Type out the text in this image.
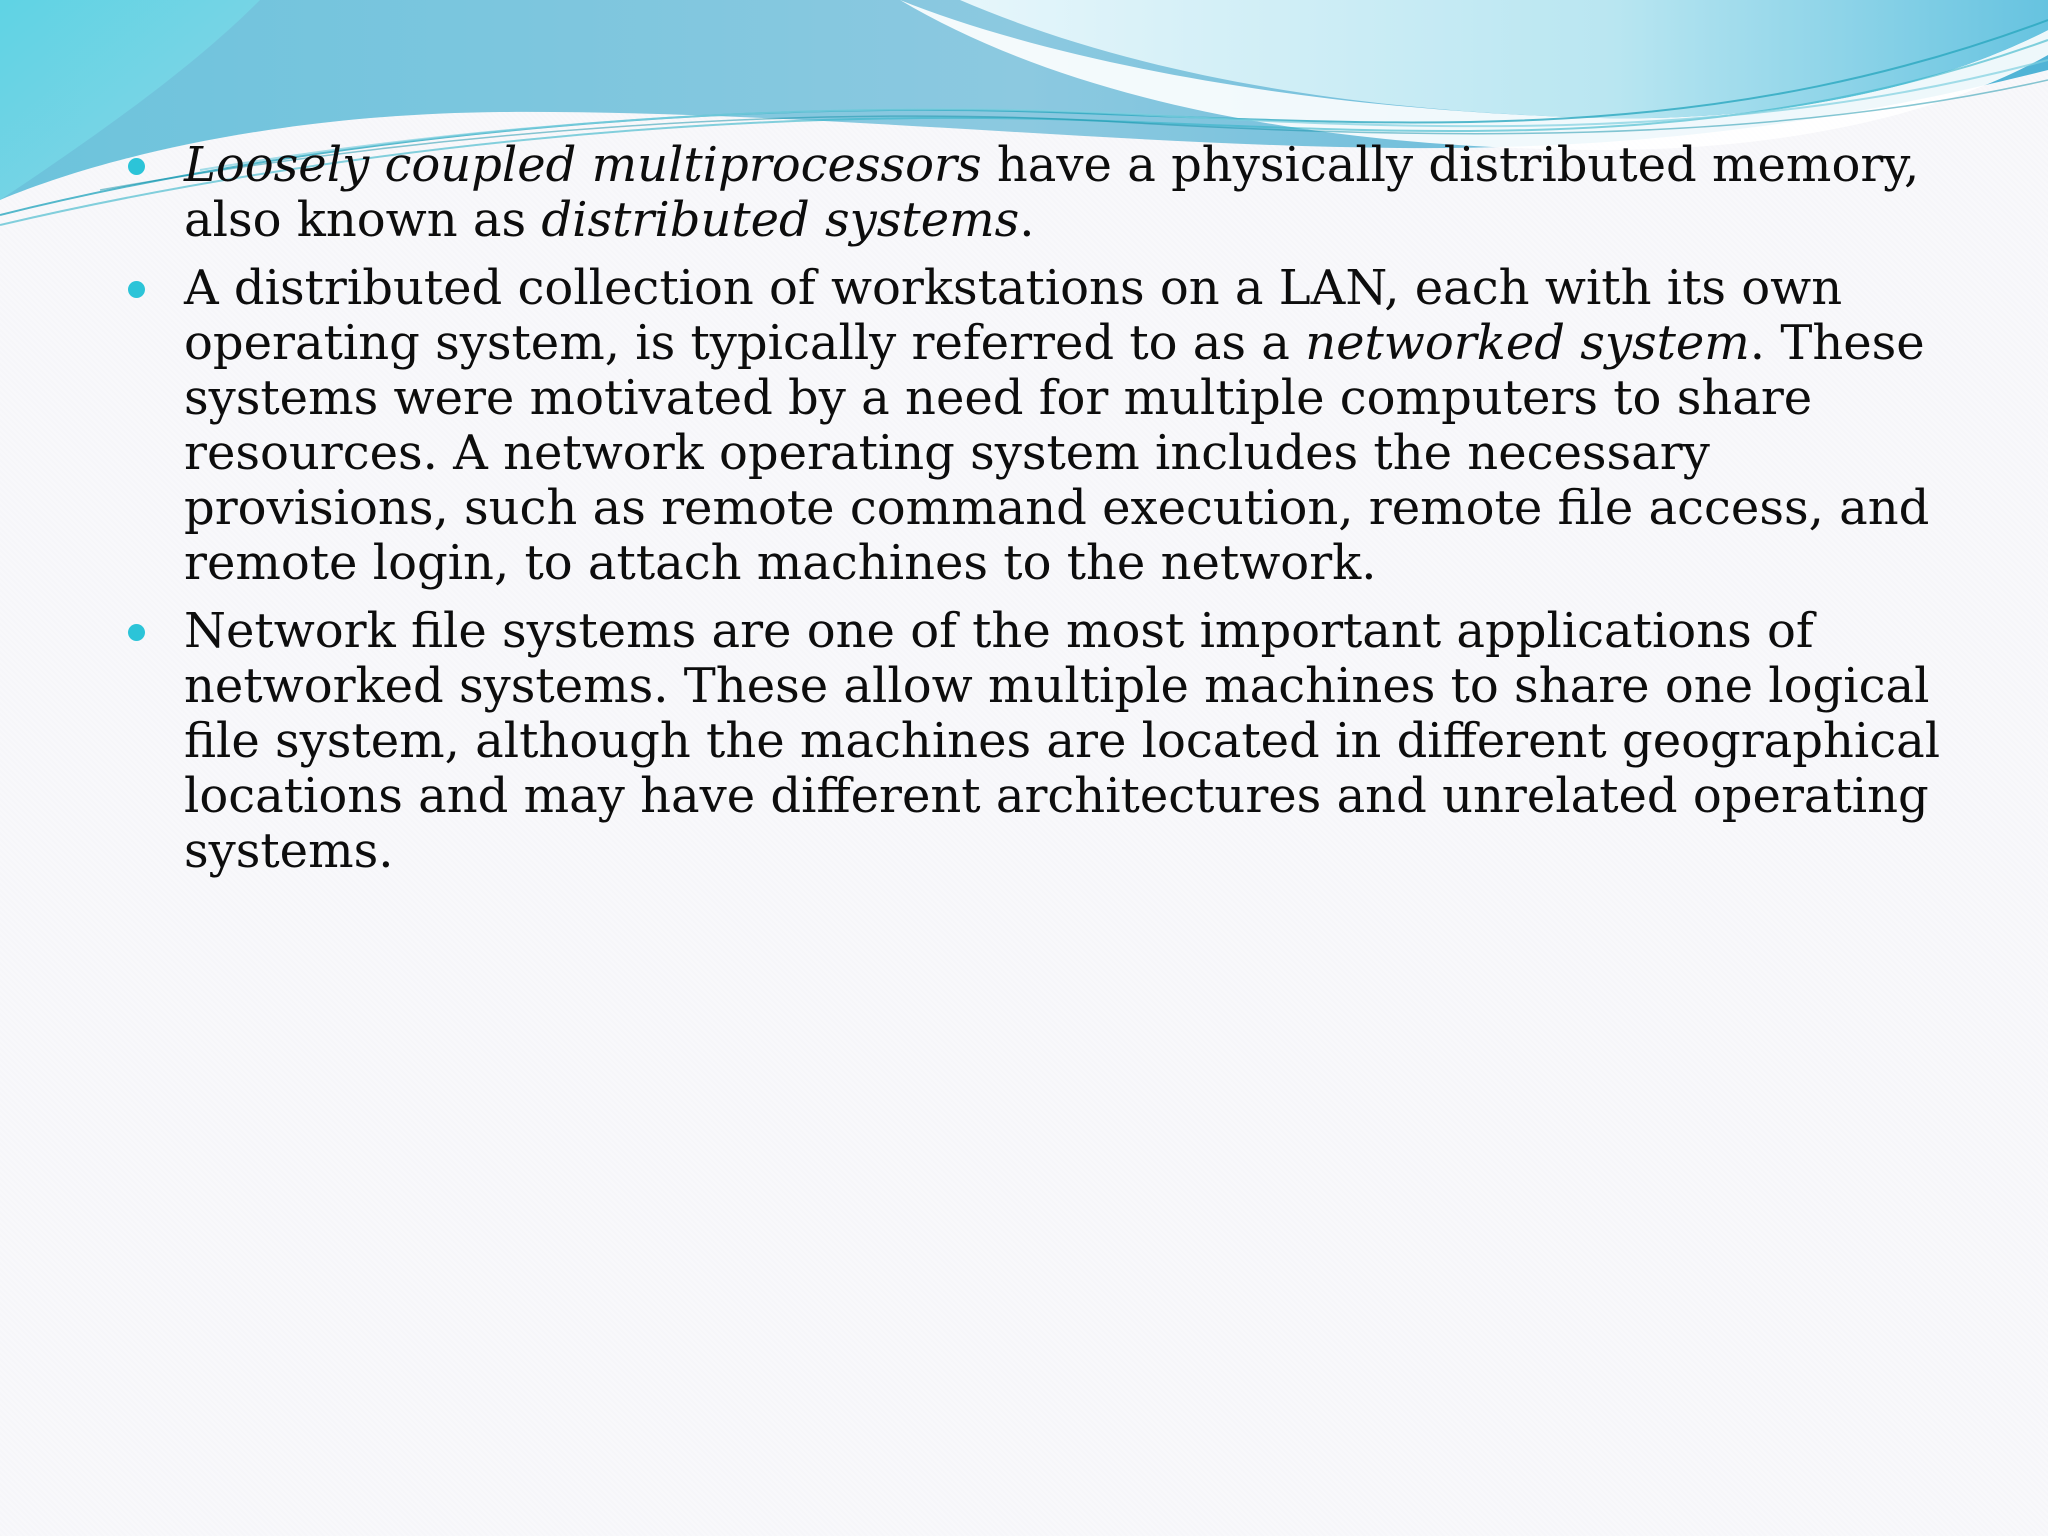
Loosely coupled multiprocessors have a physically distributed memory, also known as distributed systems.
A distributed collection of workstations on a LAN, each with its own operating system, is typically referred to as a networked system. These systems were motivated by a need for multiple computers to share resources. A network operating system includes the necessary provisions, such as remote command execution, remote file access, and remote login, to attach machines to the network.
Network file systems are one of the most important applications of networked systems. These allow multiple machines to share one logical file system, although the machines are located in different geographical locations and may have different architectures and unrelated operating systems.
